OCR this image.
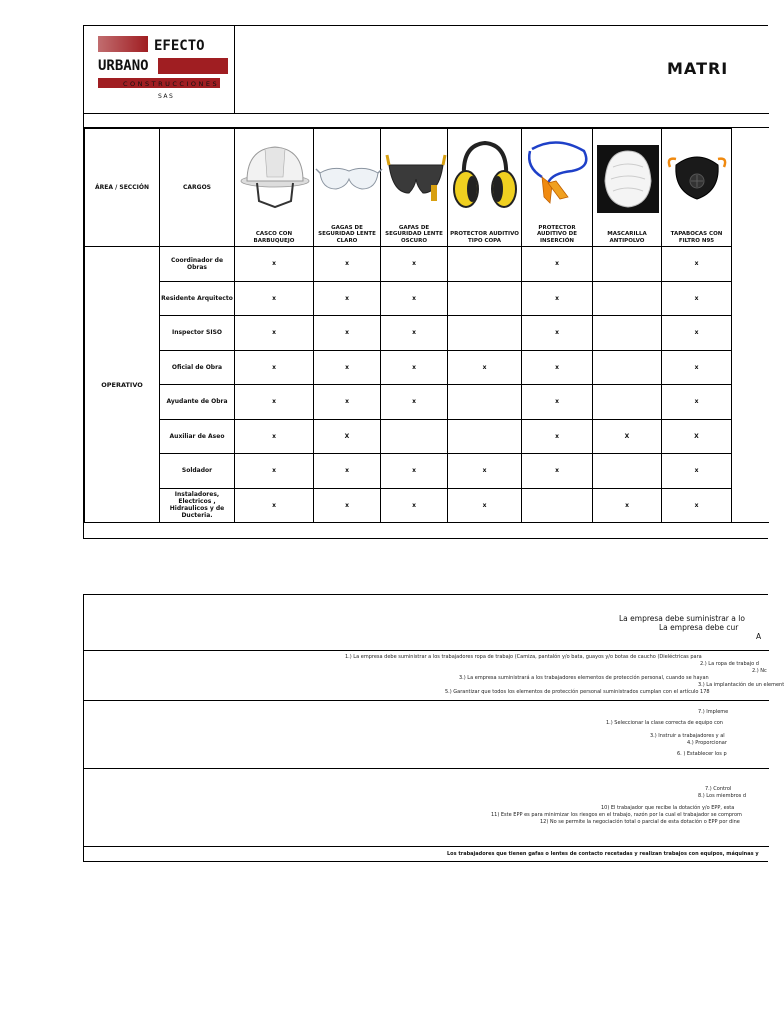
EFECTO
URBANO
CONSTRUCCIONES
SAS
MATRI
ÁREA / SECCIÓN	CARGOS	CASCO CON BARBUQUEJO	GAGAS DE SEGURIDAD LENTE CLARO	GAFAS DE SEGURIDAD LENTE OSCURO	PROTECTOR AUDITIVO TIPO COPA	PROTECTOR AUDITIVO DE INSERCIÓN	MASCARILLA ANTIPOLVO	TAPABOCAS CON FILTRO N95

OPERATIVO	Coordinador de Obras	x	x	x		x		x
	Residente Arquitecto	x	x	x		x		x
	Inspector SISO	x	x	x		x		x
	Oficial de Obra	x	x	x	x	x		x
	Ayudante de Obra	x	x	x		x		x
	Auxiliar de Aseo	x	X			x	X	X
	Soldador	x	x	x	x	x		x
	Instaladores, Electricos , Hidraulicos y de Ducteria.	x	x	x	x		x	x
La empresa debe suministrar a lo
La empresa debe cur
A
1.) La empresa debe suministrar a los trabajadores ropa de trabajo (Camiza, pantalón y/o bata, guayos y/o botas de caucho (Dieléctricas para
2.) La ropa de trabajo d
2.) Nc
3.) La empresa suministrará a los trabajadores elementos de protección personal, cuando se hayan
3.) La implantación de un element
5.) Garantizar que todos los elementos de protección personal suministrados cumplan con el artículo 178
7.) Impleme
1.) Seleccionar la clase correcta de equipo con
3.) Instruir a trabajadores y al
4.) Proporcionar
6. ) Establecer los p
7.) Control
8.) Los miembros d
10) El trabajador que recibe la dotación y/o EPP, esta
11) Este EPP es para minimizar los riesgos en el trabajo, razón por la cual el trabajador se comprom
12) No se permite la negociación total o parcial de esta dotación o EPP por dine
Los trabajadores que tienen gafas o lentes de contacto recetadas y realizan trabajos con equipos, máquinas y
